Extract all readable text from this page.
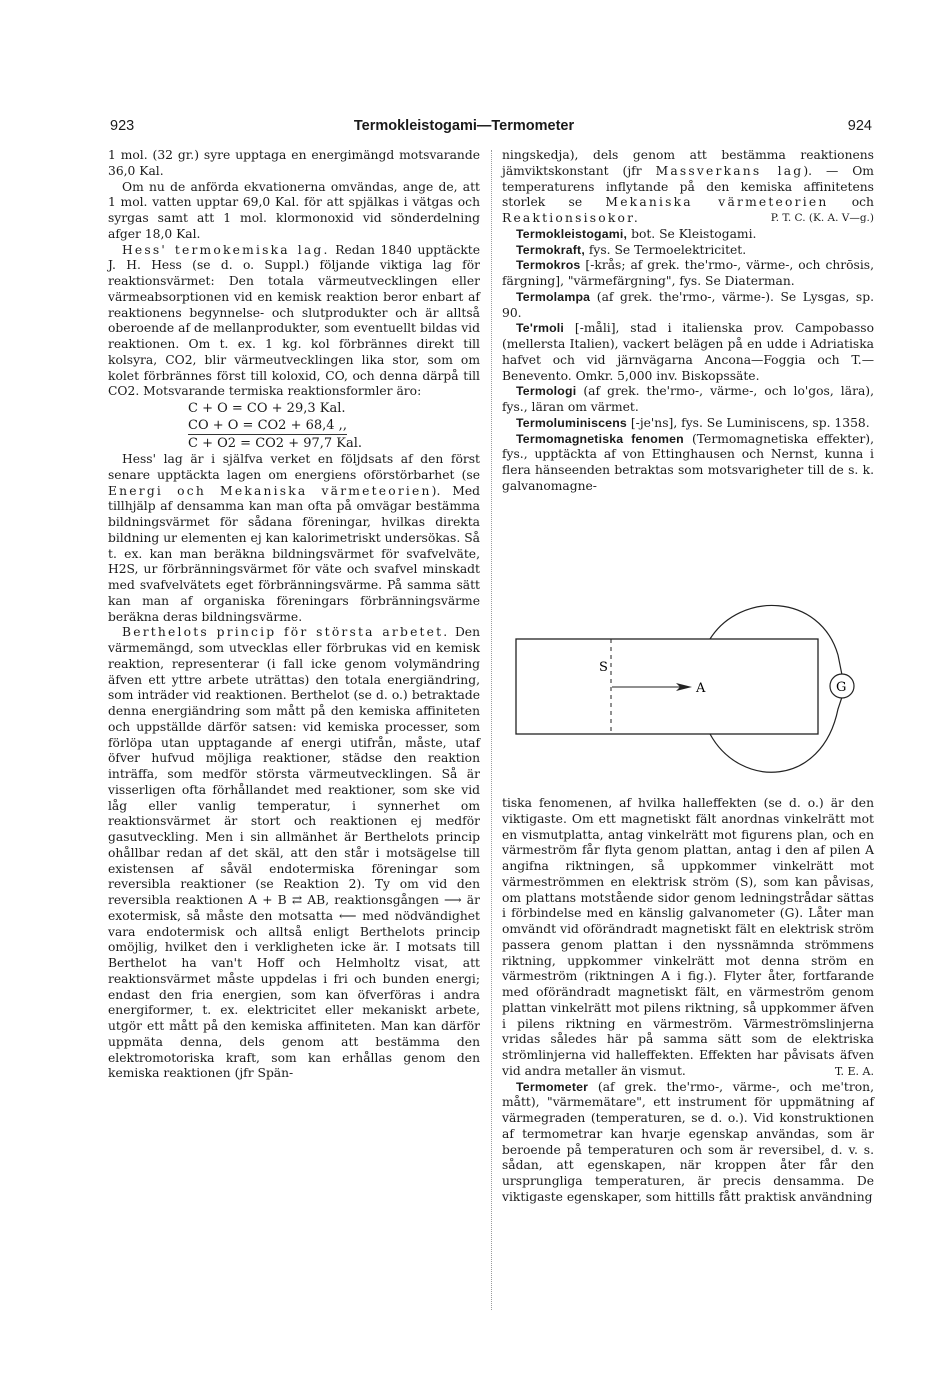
923	Termokleistogami—Termometer	924

1 mol. (32 gr.) syre upptaga en energimängd motsvarande 36,0 Kal.

Om nu de anförda ekvationerna omvändas, ange de, att 1 mol. vatten upptar 69,0 Kal. för att spjälkas i vätgas och syrgas samt att 1 mol. klormonoxid vid sönderdelning afger 18,0 Kal.

Hess' termokemiska lag. Redan 1840 upptäckte J. H. Hess (se d. o. Suppl.) följande viktiga lag för reaktionsvärmet: Den totala värmeutvecklingen eller värmeabsorptionen vid en kemisk reaktion beror enbart af reaktionens begynnelse- och slutprodukter och är alltså oberoende af de mellanprodukter, som eventuellt bildas vid reaktionen. Om t. ex. 1 kg. kol förbrännes direkt till kolsyra, CO2, blir värmeutvecklingen lika stor, som om kolet förbrännes först till koloxid, CO, och denna därpå till CO2. Motsvarande termiska reaktionsformler äro:

C + O = CO + 29,3 Kal.
CO + O = CO2 + 68,4 ,,
C + O2 = CO2 + 97,7 Kal.

Hess' lag är i själfva verket en följdsats af den först senare upptäckta lagen om energiens oförstörbarhet (se Energi och Mekaniska värmeteorien). Med tillhjälp af densamma kan man ofta på omvägar bestämma bildningsvärmet för sådana föreningar, hvilkas direkta bildning ur elementen ej kan kalorimetriskt undersökas. Så t. ex. kan man beräkna bildningsvärmet för svafvelväte, H2S, ur förbränningsvärmet för väte och svafvel minskadt med svafvelvätets eget förbränningsvärme. På samma sätt kan man af organiska föreningars förbränningsvärme beräkna deras bildningsvärme.

Berthelots princip för största arbetet. Den värmemängd, som utvecklas eller förbrukas vid en kemisk reaktion, representerar (i fall icke genom volymändring äfven ett yttre arbete uträttas) den totala energiändring, som inträder vid reaktionen. Berthelot (se d. o.) betraktade denna energiändring som mått på den kemiska affiniteten och uppställde därför satsen: vid kemiska processer, som förlöpa utan upptagande af energi utifrån, måste, utaf öfver hufvud möjliga reaktioner, städse den reaktion inträffa, som medför största värmeutvecklingen. Så är visserligen ofta förhållandet med reaktioner, som ske vid låg eller vanlig temperatur, i synnerhet om reaktionsvärmet är stort och reaktionen ej medför gasutveckling. Men i sin allmänhet är Berthelots princip ohållbar redan af det skäl, att den står i motsägelse till existensen af såväl endotermiska föreningar som reversibla reaktioner (se Reaktion 2). Ty om vid den reversibla reaktionen A + B ⇄ AB, reaktionsgången ⟶ är exotermisk, så måste den motsatta ⟵ med nödvändighet vara endotermisk och alltså enligt Berthelots princip omöjlig, hvilket den i verkligheten icke är. I motsats till Berthelot ha van't Hoff och Helmholtz visat, att reaktionsvärmet måste uppdelas i fri och bunden energi; endast den fria energien, som kan öfverföras i andra energiformer, t. ex. elektricitet eller mekaniskt arbete, utgör ett mått på den kemiska affiniteten. Man kan därför uppmäta denna, dels genom att bestämma den elektromotoriska kraft, som kan erhållas genom den kemiska reaktionen (jfr Spän-

ningskedja), dels genom att bestämma reaktionens jämviktskonstant (jfr Massverkans lag). — Om temperaturens inflytande på den kemiska affinitetens storlek se Mekaniska värmeteorien och Reaktionsisokor.	P. T. C. (K. A. V—g.)

Termokleistogami, bot. Se Kleistogami.

Termokraft, fys. Se Termoelektricitet.

Termokros [-krås; af grek. the'rmo-, värme-, och chrōsis, färgning], "värmefärgning", fys. Se Diaterman.

Termolampa (af grek. the'rmo-, värme-). Se Lysgas, sp. 90.

Te'rmoli [-måli], stad i italienska prov. Campobasso (mellersta Italien), vackert belägen på en udde i Adriatiska hafvet och vid järnvägarna Ancona—Foggia och T.—Benevento. Omkr. 5,000 inv. Biskopssäte.

Termologi (af grek. the'rmo-, värme-, och lo'gos, lära), fys., läran om värmet.

Termoluminiscens [-je'ns], fys. Se Luminiscens, sp. 1358.

Termomagnetiska fenomen (Termomagnetiska effekter), fys., upptäckta af von Ettinghausen och Nernst, kunna i flera hänseenden betraktas som motsvarigheter till de s. k. galvanomagne-

S
A	G

tiska fenomenen, af hvilka halleffekten (se d. o.) är den viktigaste. Om ett magnetiskt fält anordnas vinkelrätt mot en vismutplatta, antag vinkelrätt mot figurens plan, och en värmeström får flyta genom plattan, antag i den af pilen A angifna riktningen, så uppkommer vinkelrätt mot värmeströmmen en elektrisk ström (S), som kan påvisas, om plattans motstående sidor genom ledningstrådar sättas i förbindelse med en känslig galvanometer (G). Låter man omvändt vid oförändradt magnetiskt fält en elektrisk ström passera genom plattan i den nyssnämnda strömmens riktning, uppkommer vinkelrätt mot denna ström en värmeström (riktningen A i fig.). Flyter åter, fortfarande med oförändradt magnetiskt fält, en värmeström genom plattan vinkelrätt mot pilens riktning, så uppkommer äfven i pilens riktning en värmeström. Värmeströmslinjerna vridas således här på samma sätt som de elektriska strömlinjerna vid halleffekten. Effekten har påvisats äfven vid andra metaller än vismut.	T. E. A.

Termometer (af grek. the'rmo-, värme-, och me'tron, mått), "värmemätare", ett instrument för uppmätning af värmegraden (temperaturen, se d. o.). Vid konstruktionen af termometrar kan hvarje egenskap användas, som är beroende på temperaturen och som är reversibel, d. v. s. sådan, att egenskapen, när kroppen åter får den ursprungliga temperaturen, är precis densamma. De viktigaste egenskaper, som hittills fått praktisk användning
